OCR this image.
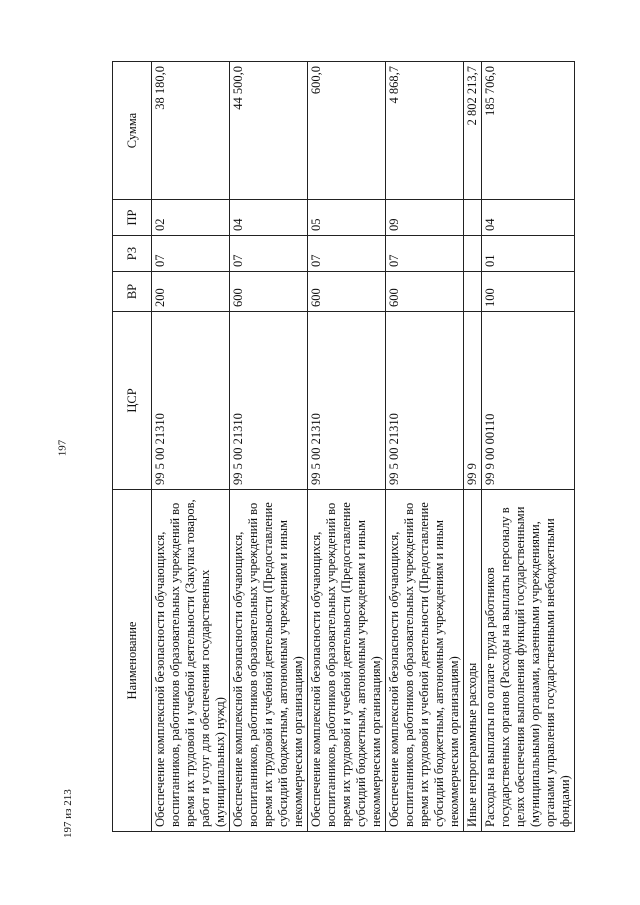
197
Наименование	ЦСР	ВР	РЗ	ПР	Сумма
Обеспечение комплексной безопасности обучающихся, воспитанников, работников образовательных учреждений во время их трудовой и учебной деятельности (Закупка товаров, работ и услуг для обеспечения государственных (муниципальных) нужд)	99 5 00 21310	200	07	02	38 180,0
Обеспечение комплексной безопасности обучающихся, воспитанников, работников образовательных учреждений во время их трудовой и учебной деятельности (Предоставление субсидий бюджетным, автономным учреждениям и иным некоммерческим организациям)	99 5 00 21310	600	07	04	44 500,0
Обеспечение комплексной безопасности обучающихся, воспитанников, работников образовательных учреждений во время их трудовой и учебной деятельности (Предоставление субсидий бюджетным, автономным учреждениям и иным некоммерческим организациям)	99 5 00 21310	600	07	05	600,0
Обеспечение комплексной безопасности обучающихся, воспитанников, работников образовательных учреждений во время их трудовой и учебной деятельности (Предоставление субсидий бюджетным, автономным учреждениям и иным некоммерческим организациям)	99 5 00 21310	600	07	09	4 868,7
Иные непрограммные расходы	99 9				2 802 213,7
Расходы на выплаты по оплате труда работников государственных органов (Расходы на выплаты персоналу в целях обеспечения выполнения функций государственными (муниципальными) органами, казенными учреждениями, органами управления государственными внебюджетными фондами)	99 9 00 00110	100	01	04	185 706,0
197 из 213
